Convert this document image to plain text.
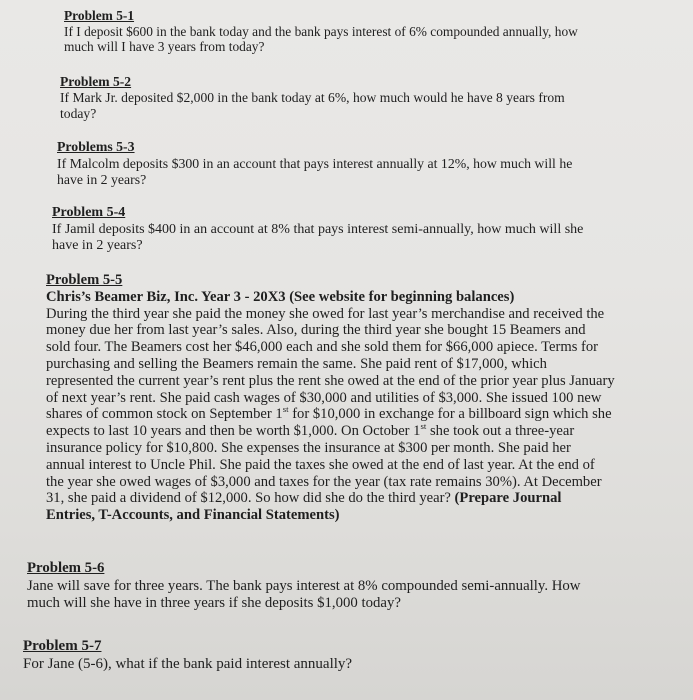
Problem 5-1
If I deposit $600 in the bank today and the bank pays interest of 6% compounded annually, how
much will I have 3 years from today?
Problem 5-2
If Mark Jr. deposited $2,000 in the bank today at 6%, how much would he have 8 years from
today?
Problems 5-3
If Malcolm deposits $300 in an account that pays interest annually at 12%, how much will he
have in 2 years?
Problem 5-4
If Jamil deposits $400 in an account at 8% that pays interest semi-annually, how much will she
have in 2 years?
Problem 5-5
Chris’s Beamer Biz, Inc. Year 3 - 20X3 (See website for beginning balances)
During the third year she paid the money she owed for last year’s merchandise and received the
money due her from last year’s sales. Also, during the third year she bought 15 Beamers and
sold four. The Beamers cost her $46,000 each and she sold them for $66,000 apiece. Terms for
purchasing and selling the Beamers remain the same. She paid rent of $17,000, which
represented the current year’s rent plus the rent she owed at the end of the prior year plus January
of next year’s rent. She paid cash wages of $30,000 and utilities of $3,000. She issued 100 new
shares of common stock on September 1st for $10,000 in exchange for a billboard sign which she
expects to last 10 years and then be worth $1,000. On October 1st she took out a three-year
insurance policy for $10,800. She expenses the insurance at $300 per month. She paid her
annual interest to Uncle Phil. She paid the taxes she owed at the end of last year. At the end of
the year she owed wages of $3,000 and taxes for the year (tax rate remains 30%). At December
31, she paid a dividend of $12,000. So how did she do the third year? (Prepare Journal
Entries, T-Accounts, and Financial Statements)
Problem 5-6
Jane will save for three years. The bank pays interest at 8% compounded semi-annually. How
much will she have in three years if she deposits $1,000 today?
Problem 5-7
For Jane (5-6), what if the bank paid interest annually?
